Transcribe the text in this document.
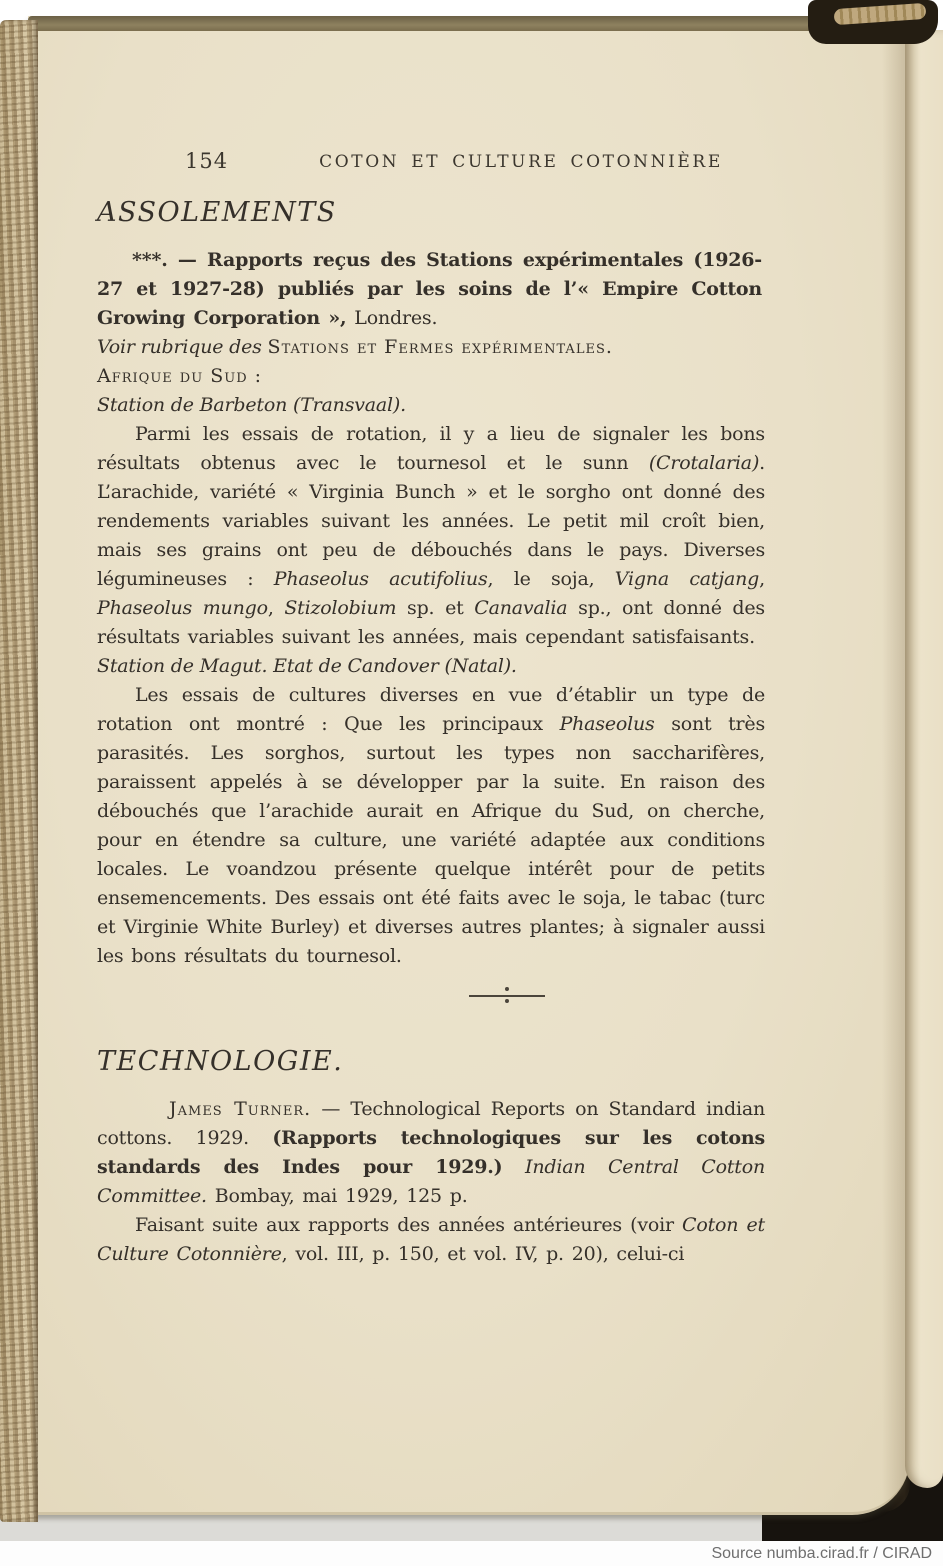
154	COTON ET CULTURE COTONNIÈRE
ASSOLEMENTS

***. — Rapports reçus des Stations expérimentales (1926-27 et 1927-28) publiés par les soins de l’« Empire Cotton Growing Corporation », Londres.

Voir rubrique des Stations et Fermes expérimentales.

Afrique du Sud :

Station de Barbeton (Transvaal).

Parmi les essais de rotation, il y a lieu de signaler les bons résultats obtenus avec le tournesol et le sunn (Crotalaria). L’arachide, variété « Virginia Bunch » et le sorgho ont donné des rendements variables suivant les années. Le petit mil croît bien, mais ses grains ont peu de débouchés dans le pays. Diverses légumineuses : Phaseolus acutifolius, le soja, Vigna catjang, Phaseolus mungo, Stizolobium sp. et Canavalia sp., ont donné des résultats variables suivant les années, mais cependant satisfaisants.

Station de Magut. Etat de Candover (Natal).

Les essais de cultures diverses en vue d’établir un type de rotation ont montré : Que les principaux Phaseolus sont très parasités. Les sorghos, surtout les types non saccharifères, paraissent appelés à se développer par la suite. En raison des débouchés que l’arachide aurait en Afrique du Sud, on cherche, pour en étendre sa culture, une variété adaptée aux conditions locales. Le voandzou présente quelque intérêt pour de petits ensemencements. Des essais ont été faits avec le soja, le tabac (turc et Virginie White Burley) et diverses autres plantes; à signaler aussi les bons résultats du tournesol.

TECHNOLOGIE.

James Turner. — Technological Reports on Standard indian cottons. 1929. (Rapports technologiques sur les cotons standards des Indes pour 1929.) Indian Central Cotton Committee. Bombay, mai 1929, 125 p.

Faisant suite aux rapports des années antérieures (voir Coton et Culture Cotonnière, vol. III, p. 150, et vol. IV, p. 20), celui-ci

Source numba.cirad.fr / CIRAD
